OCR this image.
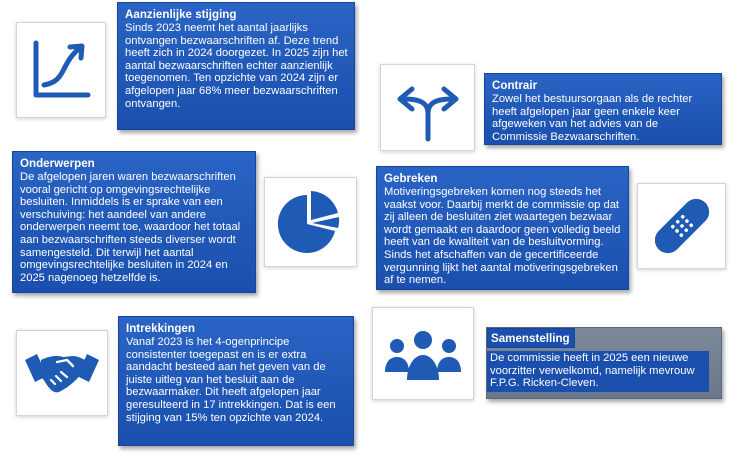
Aanzienlijke stijging

Sinds 2023 neemt het aantal jaarlijks ontvangen bezwaarschriften af. Deze trend heeft zich in 2024 doorgezet. In 2025 zijn het aantal bezwaarschriften echter aanzienlijk toegenomen. Ten opzichte van 2024 zijn er afgelopen jaar 68% meer bezwaarschriften ontvangen.

Contrair

Zowel het bestuursorgaan als de rechter heeft afgelopen jaar geen enkele keer afgeweken van het advies van de Commissie Bezwaarschriften.

Onderwerpen

De afgelopen jaren waren bezwaarschriften vooral gericht op omgevingsrechtelijke besluiten. Inmiddels is er sprake van een verschuiving: het aandeel van andere onderwerpen neemt toe, waardoor het totaal aan bezwaarschriften steeds diverser wordt samengesteld. Dit terwijl het aantal omgevingsrechtelijke besluiten in 2024 en 2025 nagenoeg hetzelfde is.

Gebreken

Motiveringsgebreken komen nog steeds het vaakst voor. Daarbij merkt de commissie op dat zij alleen de besluiten ziet waartegen bezwaar wordt gemaakt en daardoor geen volledig beeld heeft van de kwaliteit van de besluitvorming. Sinds het afschaffen van de gecertificeerde vergunning lijkt het aantal motiveringsgebreken af te nemen.

Intrekkingen

Vanaf 2023 is het 4-ogenprincipe consistenter toegepast en is er extra aandacht besteed aan het geven van de juiste uitleg van het besluit aan de bezwaarmaker. Dit heeft afgelopen jaar geresulteerd in 17 intrekkingen. Dat is een stijging van 15% ten opzichte van 2024.

Samenstelling

De commissie heeft in 2025 een nieuwe voorzitter verwelkomd, namelijk mevrouw F.P.G. Ricken-Cleven.
